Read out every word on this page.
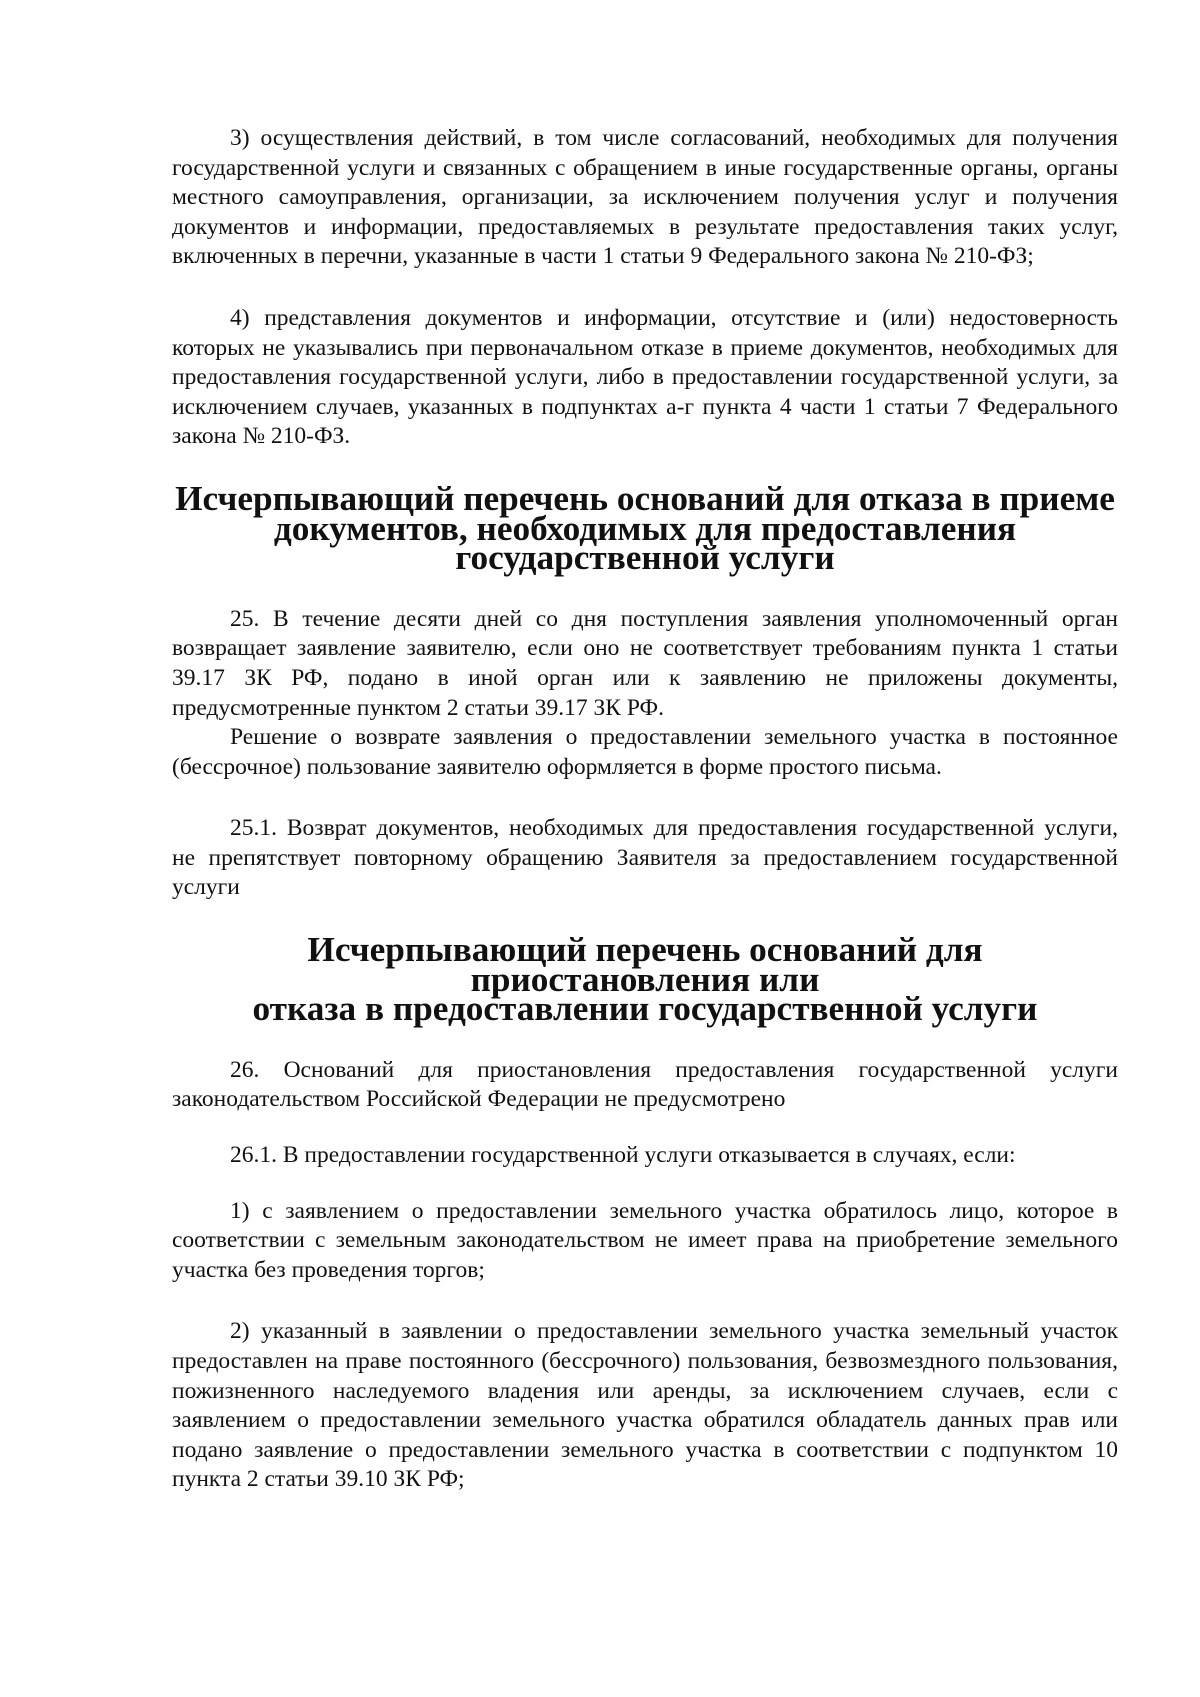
3) осуществления действий, в том числе согласований, необходимых для получения государственной услуги и связанных с обращением в иные государственные органы, органы местного самоуправления, организации, за исключением получения услуг и получения документов и информации, предоставляемых в результате предоставления таких услуг, включенных в перечни, указанные в части 1 статьи 9 Федерального закона № 210-ФЗ;

4) представления документов и информации, отсутствие и (или) недостоверность которых не указывались при первоначальном отказе в приеме документов, необходимых для предоставления государственной услуги, либо в предоставлении государственной услуги, за исключением случаев, указанных в подпунктах а-г пункта 4 части 1 статьи 7 Федерального закона № 210-ФЗ.

Исчерпывающий перечень оснований для отказа в приеме
документов, необходимых для предоставления государственной услуги

25. В течение десяти дней со дня поступления заявления уполномоченный орган возвращает заявление заявителю, если оно не соответствует требованиям пункта 1 статьи 39.17 ЗК РФ, подано в иной орган или к заявлению не приложены документы, предусмотренные пунктом 2 статьи 39.17 ЗК РФ.

Решение о возврате заявления о предоставлении земельного участка в постоянное (бессрочное) пользование заявителю оформляется в форме простого письма.

25.1. Возврат документов, необходимых для предоставления государственной услуги, не препятствует повторному обращению Заявителя за предоставлением государственной услуги

Исчерпывающий перечень оснований для приостановления или
отказа в предоставлении государственной услуги

26. Оснований для приостановления предоставления государственной услуги законодательством Российской Федерации не предусмотрено

26.1. В предоставлении государственной услуги отказывается в случаях, если:

1) с заявлением о предоставлении земельного участка обратилось лицо, которое в соответствии с земельным законодательством не имеет права на приобретение земельного участка без проведения торгов;

2) указанный в заявлении о предоставлении земельного участка земельный участок предоставлен на праве постоянного (бессрочного) пользования, безвозмездного пользования, пожизненного наследуемого владения или аренды, за исключением случаев, если с заявлением о предоставлении земельного участка обратился обладатель данных прав или подано заявление о предоставлении земельного участка в соответствии с подпунктом 10 пункта 2 статьи 39.10 ЗК РФ;
